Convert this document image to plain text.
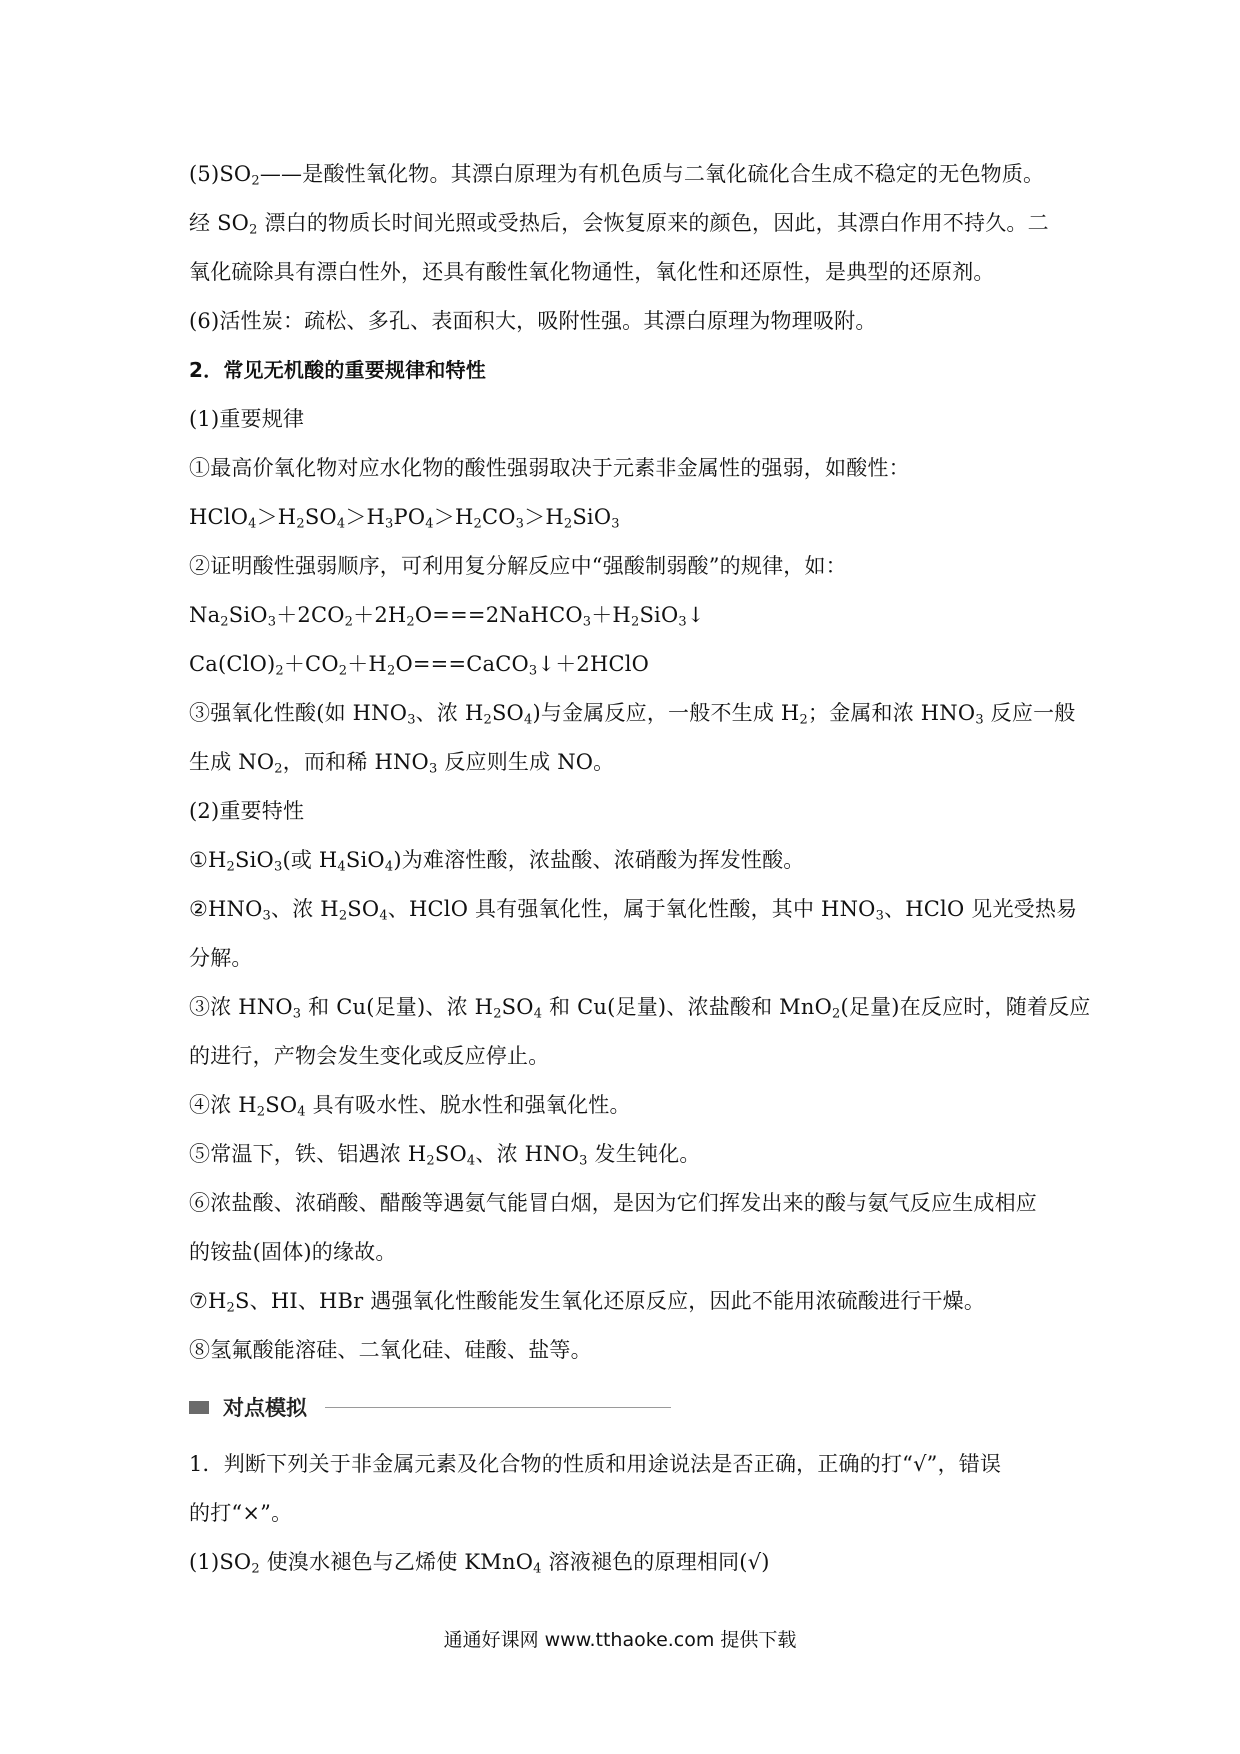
$(5)SO_2——$是酸性氧化物。其漂白原理为有机色质与二氧化硫化合生成不稳定的无色物质。
经 $SO_2$ 漂白的物质长时间光照或受热后，会恢复原来的颜色，因此，其漂白作用不持久。二
氧化硫除具有漂白性外，还具有酸性氧化物通性，氧化性和还原性，是典型的还原剂。
(6)活性炭：疏松、多孔、表面积大，吸附性强。其漂白原理为物理吸附。
2．常见无机酸的重要规律和特性
(1)重要规律
①最高价氧化物对应水化物的酸性强弱取决于元素非金属性的强弱，如酸性：
$HClO_4>H_2SO_4>H_3PO_4>H_2CO_3>H_2SiO_3$
②证明酸性强弱顺序，可利用复分解反应中“强酸制弱酸”的规律，如：
$Na_2SiO_3+2CO_2+2H_2O===2NaHCO_3+H_2SiO_3↓$
$Ca(ClO)_2+CO_2+H_2O===CaCO_3↓+2HClO$
③强氧化性酸(如 $HNO_3$、浓 $H_2SO_4$)与金属反应，一般不生成 $H_2$；金属和浓 $HNO_3$ 反应一般
生成 $NO_2$，而和稀 $HNO_3$ 反应则生成 NO。
(2)重要特性
$①H_2SiO_3$(或 $H_4SiO_4$)为难溶性酸，浓盐酸、浓硝酸为挥发性酸。
$②HNO_3$、浓 $H_2SO_4$、HClO 具有强氧化性，属于氧化性酸，其中 $HNO_3$、HClO 见光受热易
分解。
③浓 $HNO_3$ 和 Cu(足量)、浓 $H_2SO_4$ 和 Cu(足量)、浓盐酸和 MnO$_2$(足量)在反应时，随着反应
的进行，产物会发生变化或反应停止。
④浓 $H_2SO_4$ 具有吸水性、脱水性和强氧化性。
⑤常温下，铁、铝遇浓 $H_2SO_4$、浓 $HNO_3$ 发生钝化。
⑥浓盐酸、浓硝酸、醋酸等遇氨气能冒白烟，是因为它们挥发出来的酸与氨气反应生成相应
的铵盐(固体)的缘故。
$⑦H_2S$、HI、HBr 遇强氧化性酸能发生氧化还原反应，因此不能用浓硫酸进行干燥。
⑧氢氟酸能溶硅、二氧化硅、硅酸、盐等。
对点模拟
1．判断下列关于非金属元素及化合物的性质和用途说法是否正确，正确的打“√”，错误
的打“×”。
$(1)SO_2$ 使溴水褪色与乙烯使 KMnO$_4$ 溶液褪色的原理相同(√)
通通好课网 www.tthaoke.com 提供下载
